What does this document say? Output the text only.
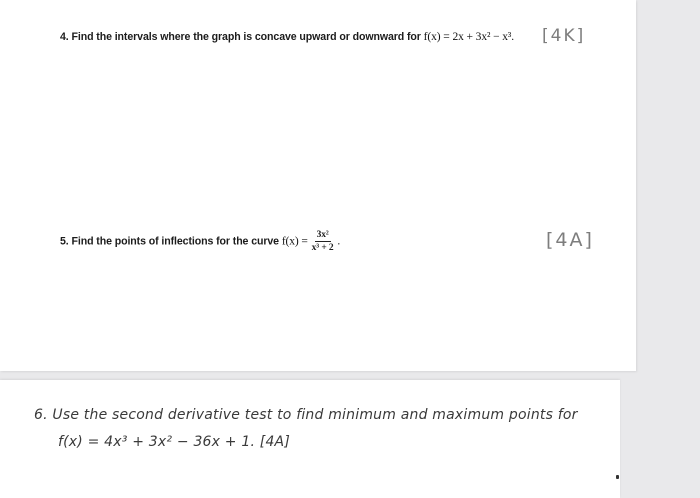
4. Find the intervals where the graph is concave upward or downward for f(x) = 2x + 3x² − x³. [4K]
5. Find the points of inflections for the curve $f(x) = \frac{\text{3x²}}{\text{x³ + 2}}$ .	[4A]
6. Use the second derivative test to find minimum and maximum points for
f(x) = 4x³ + 3x² − 36x + 1. [4A]
